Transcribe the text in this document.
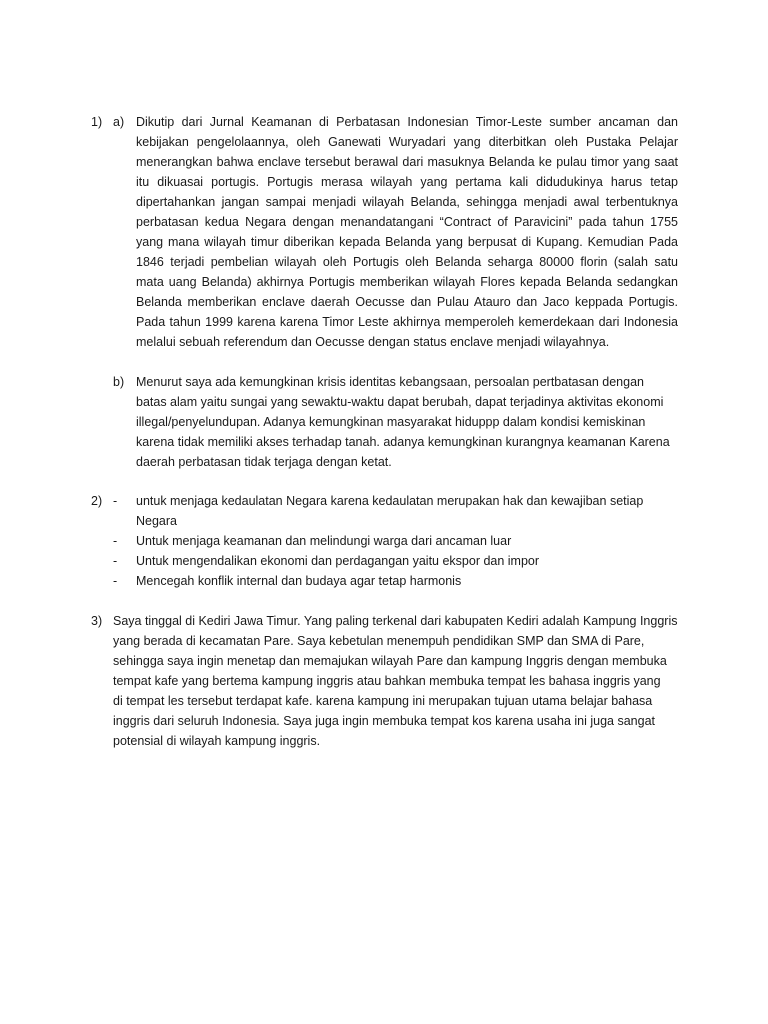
1) a) Dikutip dari Jurnal Keamanan di Perbatasan Indonesian Timor-Leste sumber ancaman dan
kebijakan pengelolaannya, oleh Ganewati Wuryadari yang diterbitkan oleh Pustaka Pelajar
menerangkan bahwa enclave tersebut berawal dari masuknya Belanda ke pulau timor yang saat
itu dikuasai portugis. Portugis merasa wilayah yang pertama kali didudukinya harus tetap
dipertahankan jangan sampai menjadi wilayah Belanda, sehingga menjadi awal terbentuknya
perbatasan kedua Negara dengan menandatangani “Contract of Paravicini” pada tahun 1755
yang mana wilayah timur diberikan kepada Belanda yang berpusat di Kupang. Kemudian Pada
1846 terjadi pembelian wilayah oleh Portugis oleh Belanda seharga 80000 florin (salah satu
mata uang Belanda) akhirnya Portugis memberikan wilayah Flores kepada Belanda sedangkan
Belanda memberikan enclave daerah Oecusse dan Pulau Atauro dan Jaco keppada Portugis.
Pada tahun 1999 karena karena Timor Leste akhirnya memperoleh kemerdekaan dari Indonesia
melalui sebuah referendum dan Oecusse dengan status enclave menjadi wilayahnya.
b) Menurut saya ada kemungkinan krisis identitas kebangsaan, persoalan pertbatasan dengan
batas alam yaitu sungai yang sewaktu-waktu dapat berubah, dapat terjadinya aktivitas ekonomi
illegal/penyelundupan. Adanya kemungkinan masyarakat hiduppp dalam kondisi kemiskinan
karena tidak memiliki akses terhadap tanah. adanya kemungkinan kurangnya keamanan Karena
daerah perbatasan tidak terjaga dengan ketat.
2) - untuk menjaga kedaulatan Negara karena kedaulatan merupakan hak dan kewajiban setiap
Negara
- Untuk menjaga keamanan dan melindungi warga dari ancaman luar
- Untuk mengendalikan ekonomi dan perdagangan yaitu ekspor dan impor
- Mencegah konflik internal dan budaya agar tetap harmonis
3) Saya tinggal di Kediri Jawa Timur. Yang paling terkenal dari kabupaten Kediri adalah Kampung Inggris
yang berada di kecamatan Pare. Saya kebetulan menempuh pendidikan SMP dan SMA di Pare,
sehingga saya ingin menetap dan memajukan wilayah Pare dan kampung Inggris dengan membuka
tempat kafe yang bertema kampung inggris atau bahkan membuka tempat les bahasa inggris yang
di tempat les tersebut terdapat kafe. karena kampung ini merupakan tujuan utama belajar bahasa
inggris dari seluruh Indonesia. Saya juga ingin membuka tempat kos karena usaha ini juga sangat
potensial di wilayah kampung inggris.
